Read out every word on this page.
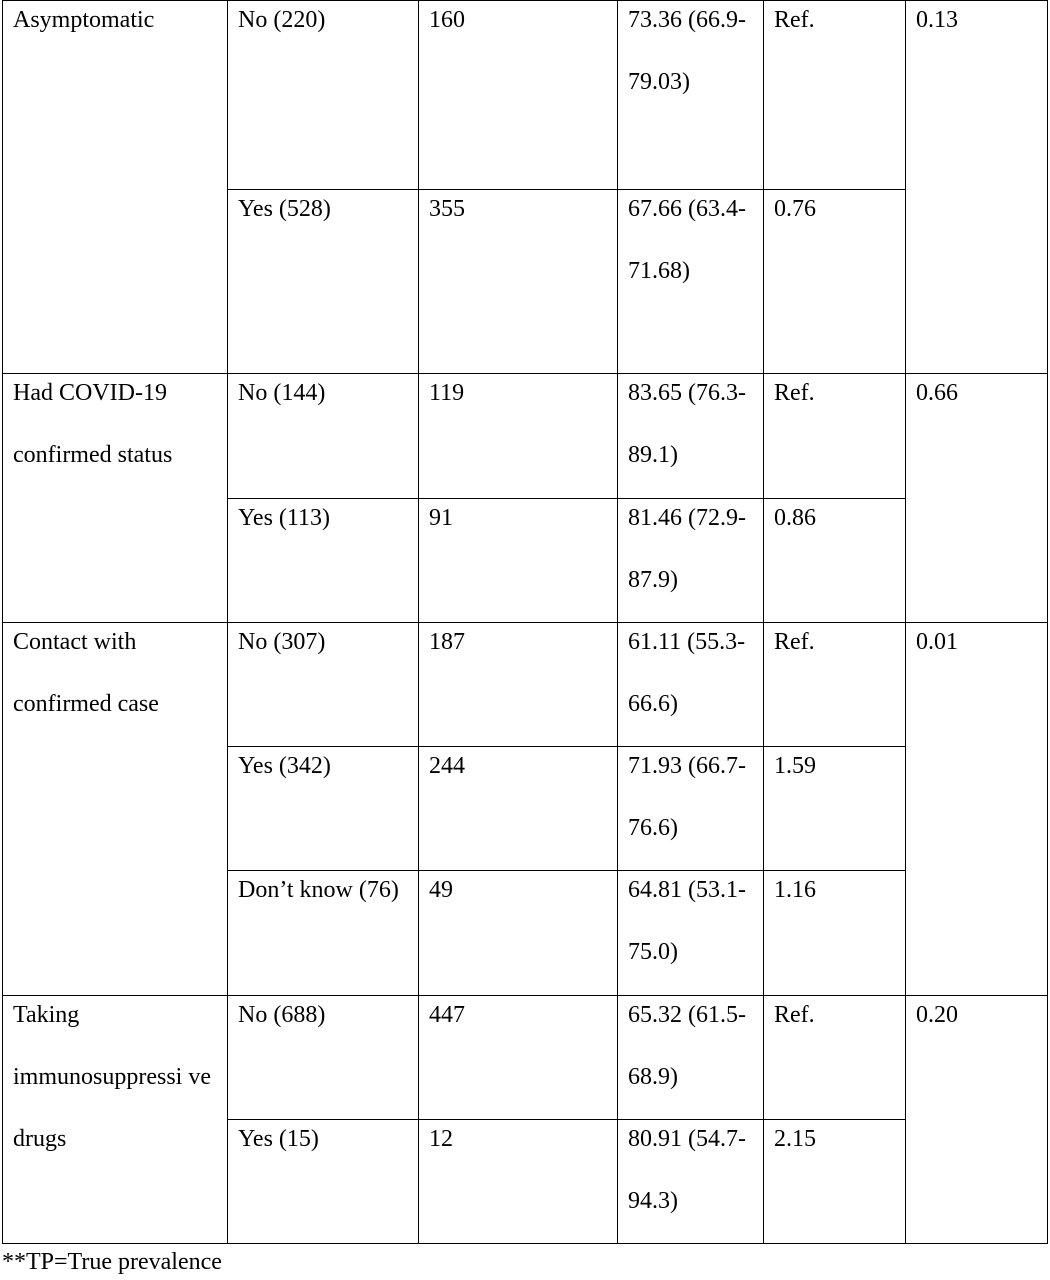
Asymptomatic	No (220)	160	73.36 (66.9- 79.03)	Ref.	0.13

	Yes (528)	355	67.66 (63.4- 71.68)	0.76	

Had COVID-19 confirmed status	No (144)	119	83.65 (76.3-89.1)	Ref.	0.66

	Yes (113)	91	81.46 (72.9-87.9)	0.86	

Contact with confirmed case	No (307)	187	61.11 (55.3-66.6)	Ref.	0.01

	Yes (342)	244	71.93 (66.7-76.6)	1.59	

	Don’t know (76)	49	64.81 (53.1-75.0)	1.16	

Taking immunosuppressi ve drugs	No (688)	447	65.32 (61.5-68.9)	Ref.	0.20

	Yes (15)	12	80.91 (54.7-94.3)	2.15	
**TP=True prevalence
